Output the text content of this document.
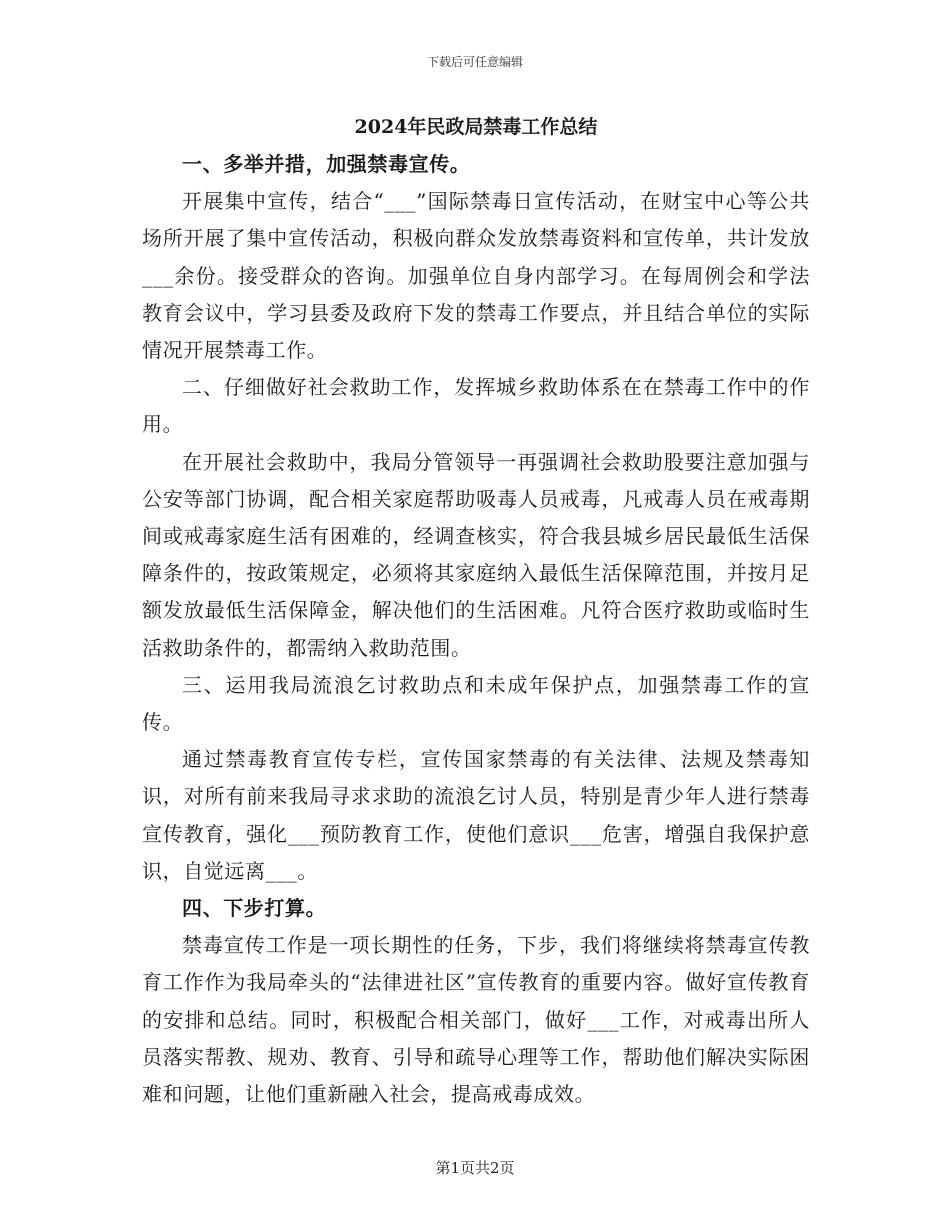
下载后可任意编辑
2024年民政局禁毒工作总结

一、多举并措，加强禁毒宣传。

开展集中宣传，结合“___”国际禁毒日宣传活动，在财宝中心等公共场所开展了集中宣传活动，积极向群众发放禁毒资料和宣传单，共计发放___余份。接受群众的咨询。加强单位自身内部学习。在每周例会和学法教育会议中，学习县委及政府下发的禁毒工作要点，并且结合单位的实际情况开展禁毒工作。

二、仔细做好社会救助工作，发挥城乡救助体系在在禁毒工作中的作用。

在开展社会救助中，我局分管领导一再强调社会救助股要注意加强与公安等部门协调，配合相关家庭帮助吸毒人员戒毒，凡戒毒人员在戒毒期间或戒毒家庭生活有困难的，经调查核实，符合我县城乡居民最低生活保障条件的，按政策规定，必须将其家庭纳入最低生活保障范围，并按月足额发放最低生活保障金，解决他们的生活困难。凡符合医疗救助或临时生活救助条件的，都需纳入救助范围。

三、运用我局流浪乞讨救助点和未成年保护点，加强禁毒工作的宣传。

通过禁毒教育宣传专栏，宣传国家禁毒的有关法律、法规及禁毒知识，对所有前来我局寻求求助的流浪乞讨人员，特别是青少年人进行禁毒宣传教育，强化___预防教育工作，使他们意识___危害，增强自我保护意识，自觉远离___。

四、下步打算。

禁毒宣传工作是一项长期性的任务，下步，我们将继续将禁毒宣传教育工作作为我局牵头的“法律进社区”宣传教育的重要内容。做好宣传教育的安排和总结。同时，积极配合相关部门，做好___工作，对戒毒出所人员落实帮教、规劝、教育、引导和疏导心理等工作，帮助他们解决实际困难和问题，让他们重新融入社会，提高戒毒成效。

第1页共2页
